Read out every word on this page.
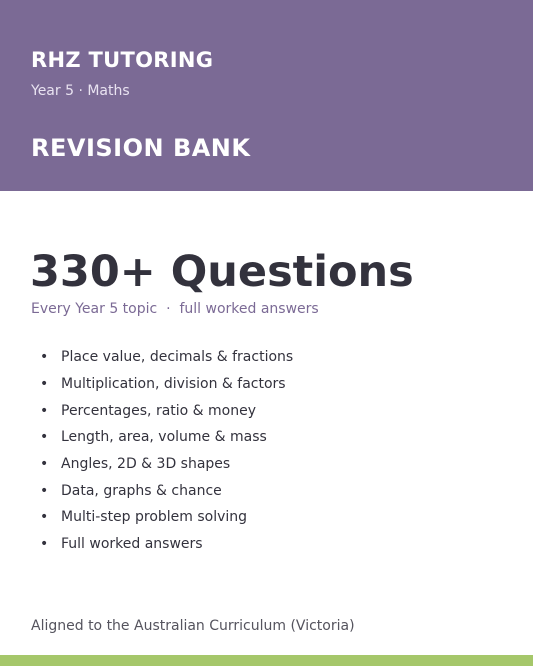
RHZ TUTORING
Year 5 · Maths
REVISION BANK
330+ Questions
Every Year 5 topic  ·  full worked answers
• Place value, decimals & fractions
• Multiplication, division & factors
• Percentages, ratio & money
• Length, area, volume & mass
• Angles, 2D & 3D shapes
• Data, graphs & chance
• Multi-step problem solving
• Full worked answers
Aligned to the Australian Curriculum (Victoria)
